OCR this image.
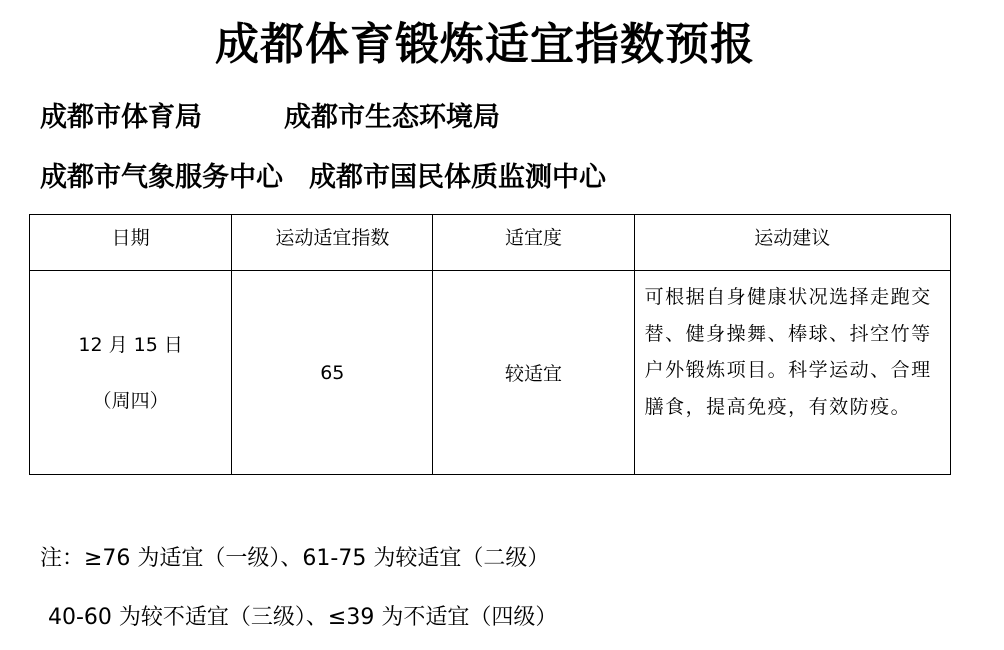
成都体育锻炼适宜指数预报
成都市体育局	成都市生态环境局
成都市气象服务中心 成都市国民体质监测中心
日期	运动适宜指数	适宜度	运动建议

12 月 15 日
（周四）	65	较适宜	可根据自身健康状况选择走跑交替、健身操舞、棒球、抖空竹等户外锻炼项目。科学运动、合理膳食，提高免疫，有效防疫。
注：≥76 为适宜（一级）、61-75 为较适宜（二级）
40-60 为较不适宜（三级）、≤39 为不适宜（四级）
